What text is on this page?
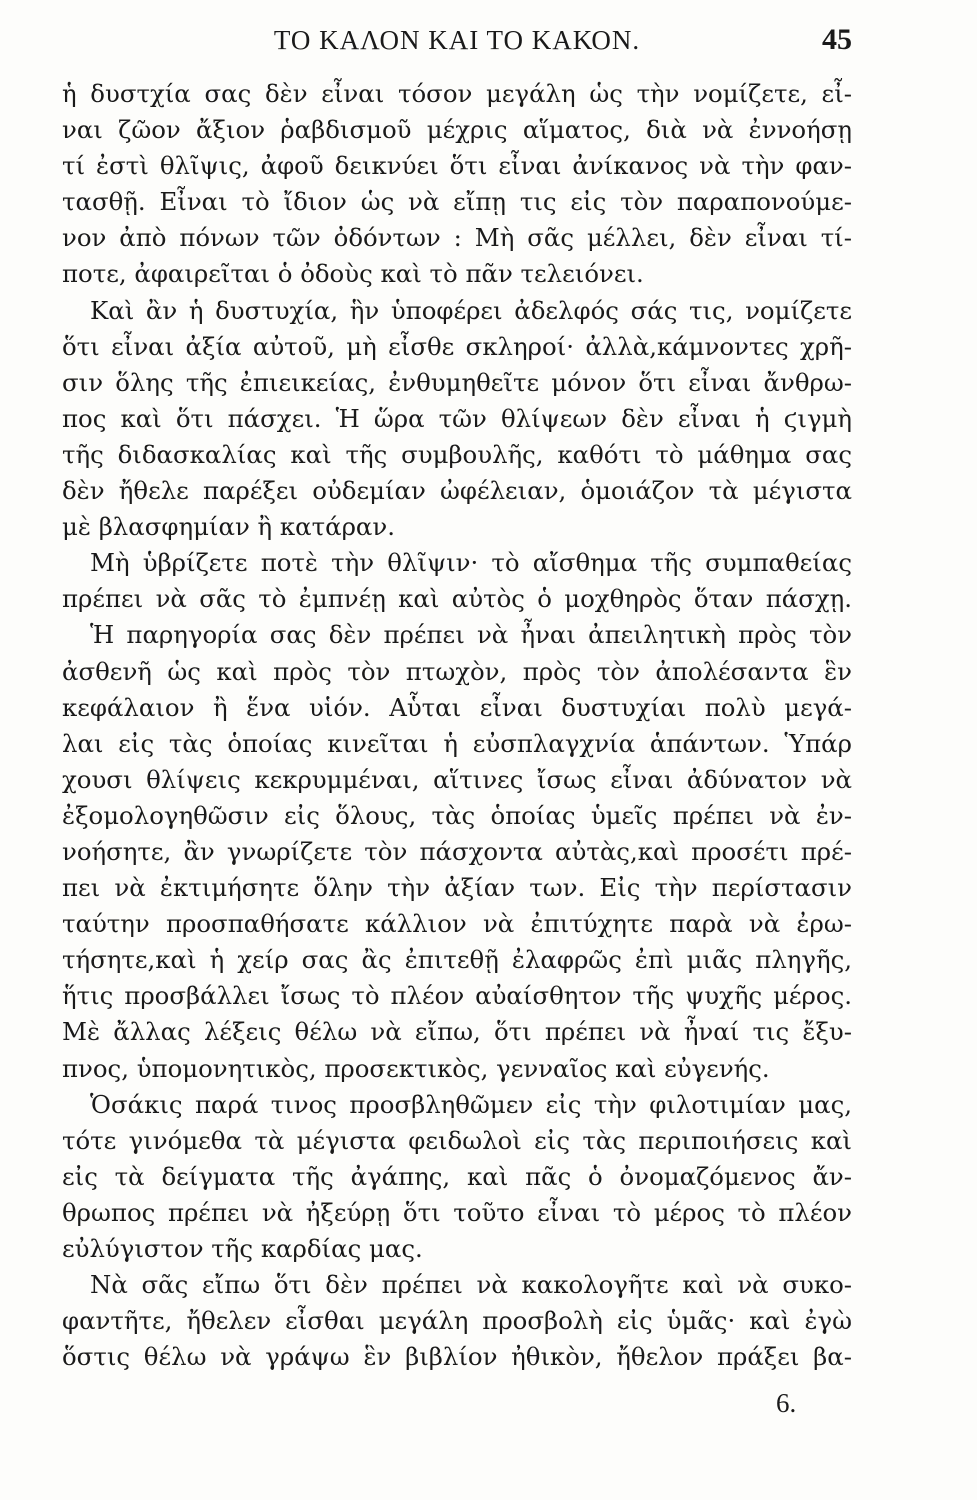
ΤΟ ΚΑΛΟΝ ΚΑΙ ΤΟ ΚΑΚΟΝ.	45
ἡ δυστχία σας δὲν εἶναι τόσον μεγάλη ὡς τὴν νομίζετε, εἶ-
ναι ζῶον ἄξιον ῥαβδισμοῦ μέχρις αἵματος, διὰ νὰ ἐννοήσῃ
τί ἐστὶ θλῖψις, ἀφοῦ δεικνύει ὅτι εἶναι ἀνίκανος νὰ τὴν φαν-
τασθῇ. Εἶναι τὸ ἴδιον ὡς νὰ εἴπῃ τις εἰς τὸν παραπονούμε-
νον ἀπὸ πόνων τῶν ὀδόντων : Μὴ σᾶς μέλλει, δὲν εἶναι τί-
ποτε, ἀφαιρεῖται ὁ ὀδοὺς καὶ τὸ πᾶν τελειόνει.
Καὶ ἂν ἡ δυστυχία, ἣν ὑποφέρει ἀδελφός σάς τις, νομίζετε
ὅτι εἶναι ἀξία αὐτοῦ, μὴ εἶσθε σκληροί· ἀλλὰ,κάμνοντες χρῆ-
σιν ὅλης τῆς ἐπιεικείας, ἐνθυμηθεῖτε μόνον ὅτι εἶναι ἄνθρω-
πος καὶ ὅτι πάσχει. Ἡ ὥρα τῶν θλίψεων δὲν εἶναι ἡ ϛιγμὴ
τῆς διδασκαλίας καὶ τῆς συμβουλῆς, καθότι τὸ μάθημα σας
δὲν ἤθελε παρέξει οὐδεμίαν ὠφέλειαν, ὁμοιάζον τὰ μέγιστα
μὲ βλασφημίαν ἢ κατάραν.
Μὴ ὑβρίζετε ποτὲ τὴν θλῖψιν· τὸ αἴσθημα τῆς συμπαθείας
πρέπει νὰ σᾶς τὸ ἐμπνέῃ καὶ αὐτὸς ὁ μοχθηρὸς ὅταν πάσχῃ.
Ἡ παρηγορία σας δὲν πρέπει νὰ ἦναι ἀπειλητικὴ πρὸς τὸν
ἀσθενῆ ὡς καὶ πρὸς τὸν πτωχὸν, πρὸς τὸν ἀπολέσαντα ἓν
κεφάλαιον ἢ ἕνα υἱόν. Αὗται εἶναι δυστυχίαι πολὺ μεγά-
λαι εἰς τὰς ὁποίας κινεῖται ἡ εὐσπλαγχνία ἁπάντων. Ὑπάρ
χουσι θλίψεις κεκρυμμέναι, αἵτινες ἴσως εἶναι ἀδύνατον νὰ
ἐξομολογηθῶσιν εἰς ὅλους, τὰς ὁποίας ὑμεῖς πρέπει νὰ ἐν-
νοήσητε, ἂν γνωρίζετε τὸν πάσχοντα αὐτὰς,καὶ προσέτι πρέ-
πει νὰ ἐκτιμήσητε ὅλην τὴν ἀξίαν των. Εἰς τὴν περίστασιν
ταύτην προσπαθήσατε κάλλιον νὰ ἐπιτύχητε παρὰ νὰ ἐρω-
τήσητε,καὶ ἡ χείρ σας ἂς ἐπιτεθῇ ἐλαφρῶς ἐπὶ μιᾶς πληγῆς,
ἥτις προσβάλλει ἴσως τὸ πλέον αὐαίσθητον τῆς ψυχῆς μέρος.
Μὲ ἄλλας λέξεις θέλω νὰ εἴπω, ὅτι πρέπει νὰ ἦναί τις ἔξυ-
πνος, ὑπομονητικὸς, προσεκτικὸς, γενναῖος καὶ εὐγενής.
Ὁσάκις παρά τινος προσβληθῶμεν εἰς τὴν φιλοτιμίαν μας,
τότε γινόμεθα τὰ μέγιστα φειδωλοὶ εἰς τὰς περιποιήσεις καὶ
εἰς τὰ δείγματα τῆς ἀγάπης, καὶ πᾶς ὁ ὀνομαζόμενος ἄν-
θρωπος πρέπει νὰ ἠξεύρῃ ὅτι τοῦτο εἶναι τὸ μέρος τὸ πλέον
εὐλύγιστον τῆς καρδίας μας.
Νὰ σᾶς εἴπω ὅτι δὲν πρέπει νὰ κακολογῆτε καὶ νὰ συκο-
φαντῆτε, ἤθελεν εἶσθαι μεγάλη προσβολὴ εἰς ὑμᾶς· καὶ ἐγὼ
ὅστις θέλω νὰ γράψω ἓν βιβλίον ἠθικὸν, ἤθελον πράξει βα-
6.
